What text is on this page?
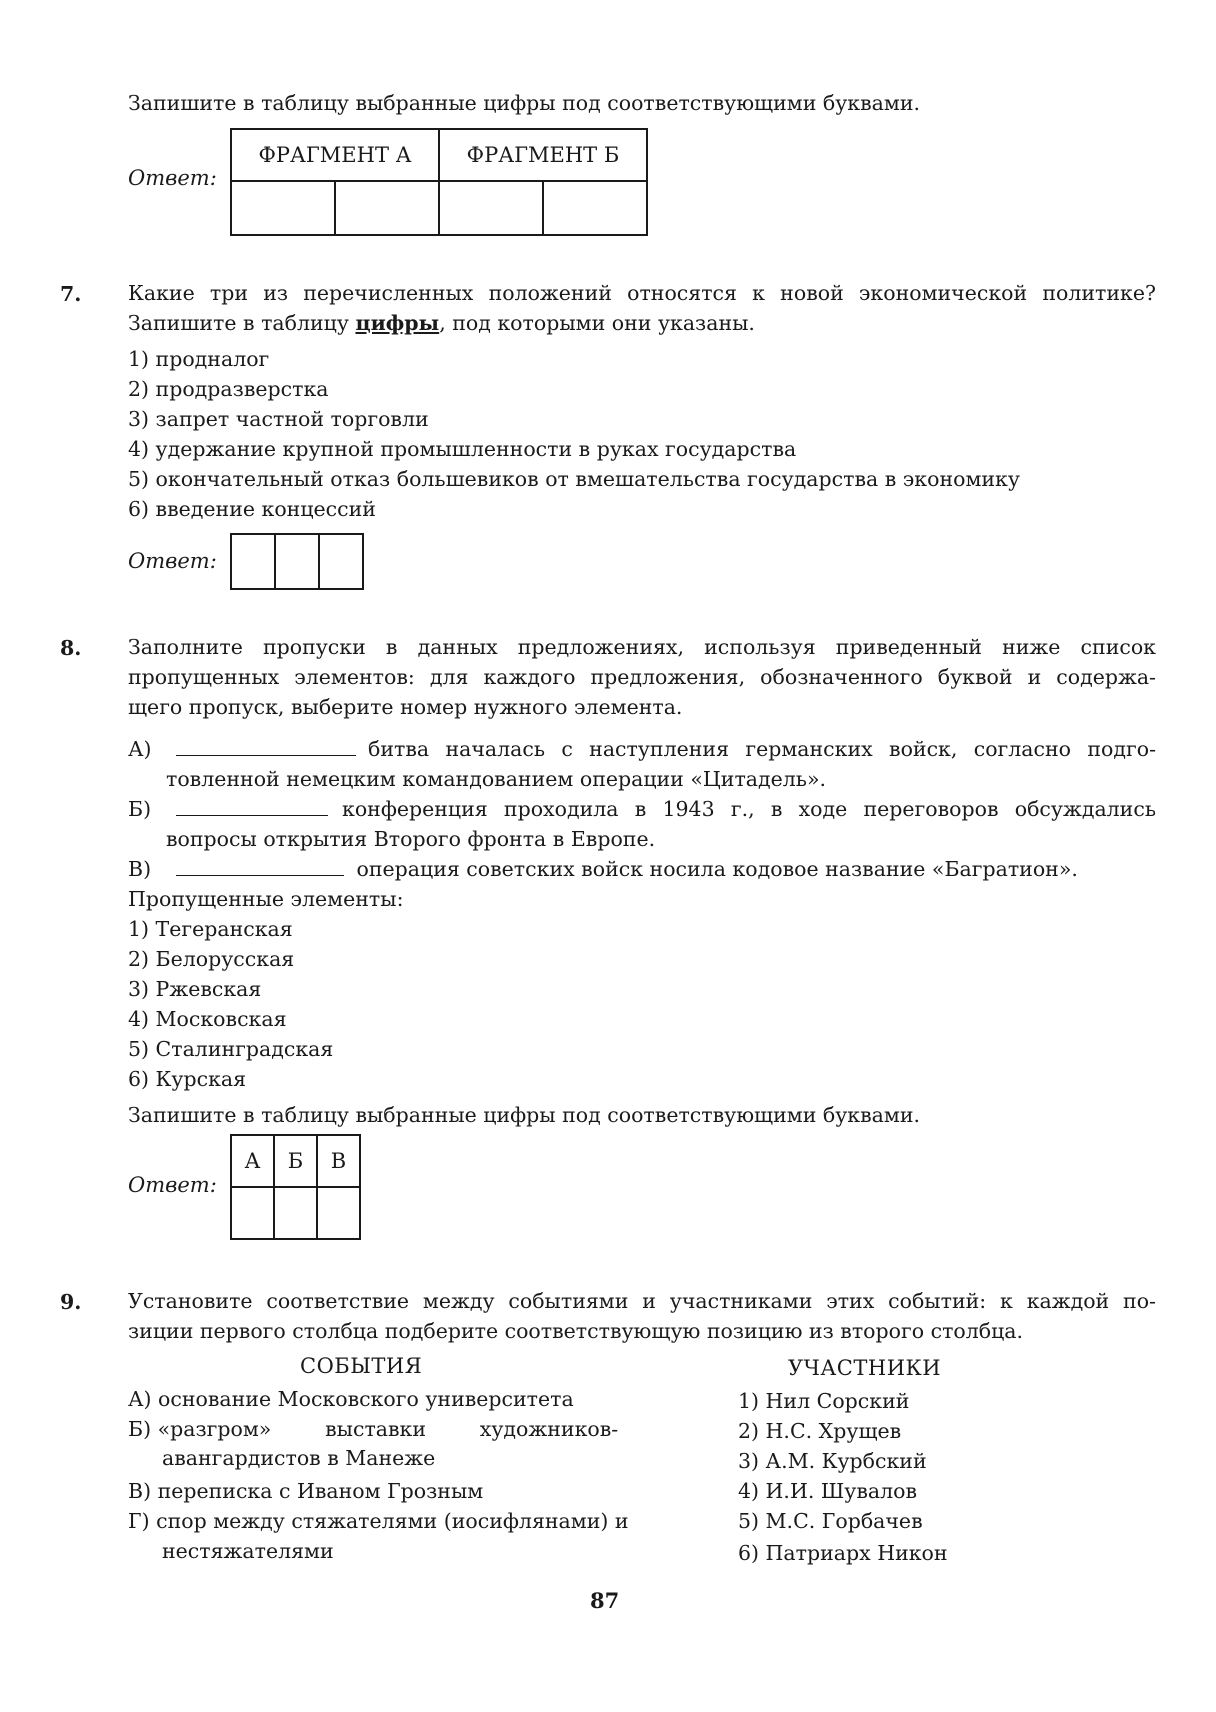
Запишите в таблицу выбранные цифры под соответствующими буквами.
Ответ:
ФРАГМЕНТ А		ФРАГМЕНТ Б	

7. Какие три из перечисленных положений относятся к новой экономической политике?
Запишите в таблицу цифры, под которыми они указаны.
1) продналог
2) продразверстка
3) запрет частной торговли
4) удержание крупной промышленности в руках государства
5) окончательный отказ большевиков от вмешательства государства в экономику
6) введение концессий
Ответ:

8. Заполните пропуски в данных предложениях, используя приведенный ниже список
пропущенных элементов: для каждого предложения, обозначенного буквой и содержа-
щего пропуск, выберите номер нужного элемента.
А)	битва началась с наступления германских войск, согласно подго-
товленной немецким командованием операции «Цитадель».
Б)	конференция проходила в 1943 г., в ходе переговоров обсуждались
вопросы открытия Второго фронта в Европе.
В)	операция советских войск носила кодовое название «Багратион».
Пропущенные элементы:
1) Тегеранская
2) Белорусская
3) Ржевская
4) Московская
5) Сталинградская
6) Курская
Запишите в таблицу выбранные цифры под соответствующими буквами.
Ответ:
А	Б	В

9. Установите соответствие между событиями и участниками этих событий: к каждой по-
зиции первого столбца подберите соответствующую позицию из второго столбца.
СОБЫТИЯ	УЧАСТНИКИ
А) основание Московского университета
Б) «разгром»	выставки	художников-
авангардистов в Манеже
В) переписка с Иваном Грозным
Г) спор между стяжателями (иосифлянами) и
нестяжателями
1) Нил Сорский
2) Н.С. Хрущев
3) А.М. Курбский
4) И.И. Шувалов
5) М.С. Горбачев
6) Патриарх Никон
87
